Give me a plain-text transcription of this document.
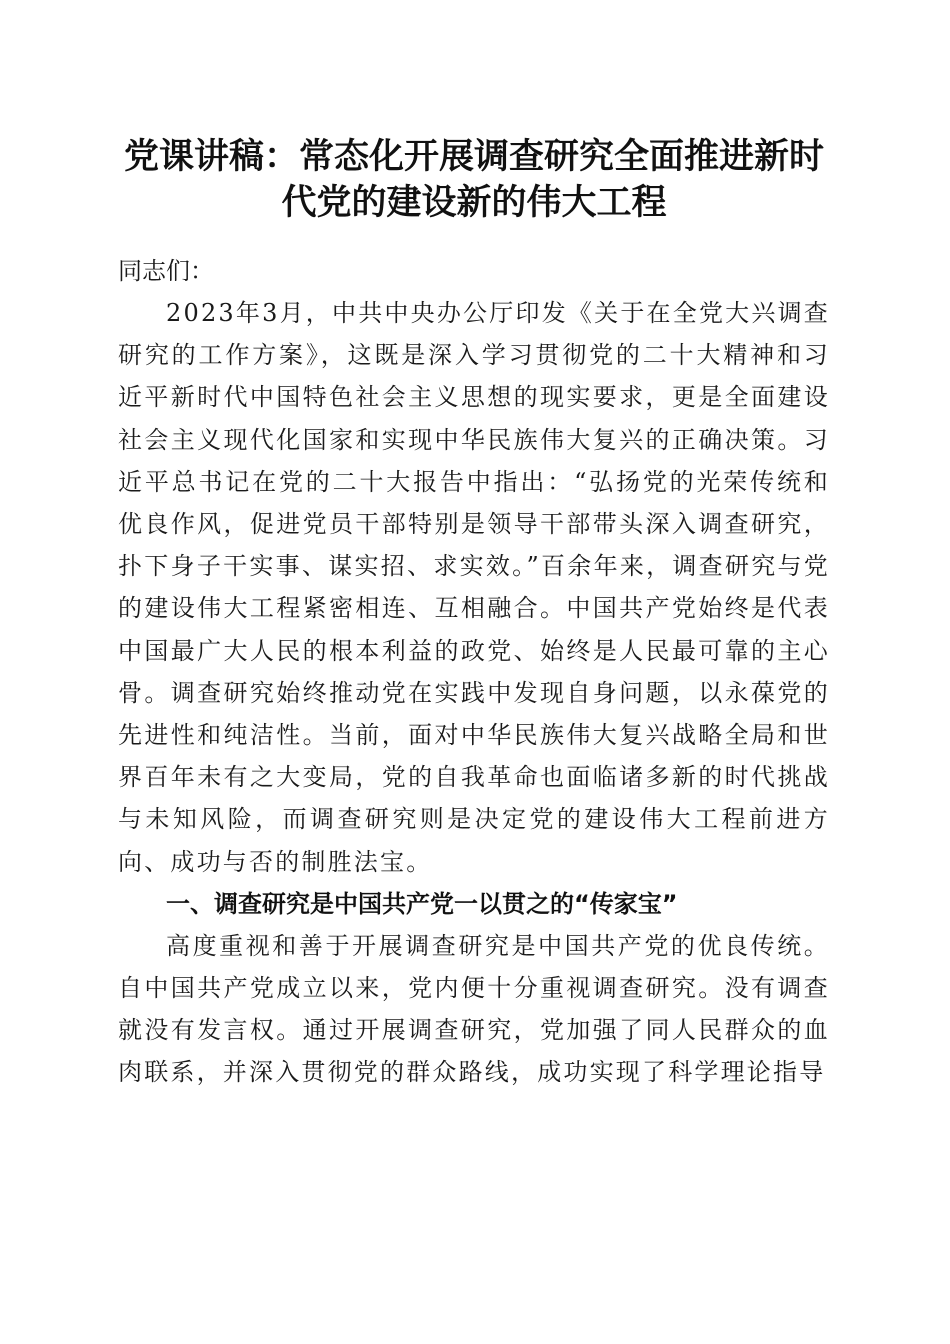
党课讲稿：常态化开展调查研究全面推进新时
代党的建设新的伟大工程

同志们：

2023年3月，中共中央办公厅印发《关于在全党大兴调查研究的工作方案》，这既是深入学习贯彻党的二十大精神和习近平新时代中国特色社会主义思想的现实要求，更是全面建设社会主义现代化国家和实现中华民族伟大复兴的正确决策。习近平总书记在党的二十大报告中指出：“弘扬党的光荣传统和优良作风，促进党员干部特别是领导干部带头深入调查研究，扑下身子干实事、谋实招、求实效。”百余年来，调查研究与党的建设伟大工程紧密相连、互相融合。中国共产党始终是代表中国最广大人民的根本利益的政党、始终是人民最可靠的主心骨。调查研究始终推动党在实践中发现自身问题，以永葆党的先进性和纯洁性。当前，面对中华民族伟大复兴战略全局和世界百年未有之大变局，党的自我革命也面临诸多新的时代挑战与未知风险，而调查研究则是决定党的建设伟大工程前进方向、成功与否的制胜法宝。

一、调查研究是中国共产党一以贯之的“传家宝”

高度重视和善于开展调查研究是中国共产党的优良传统。自中国共产党成立以来，党内便十分重视调查研究。没有调查就没有发言权。通过开展调查研究，党加强了同人民群众的血肉联系，并深入贯彻党的群众路线，成功实现了科学理论指导
